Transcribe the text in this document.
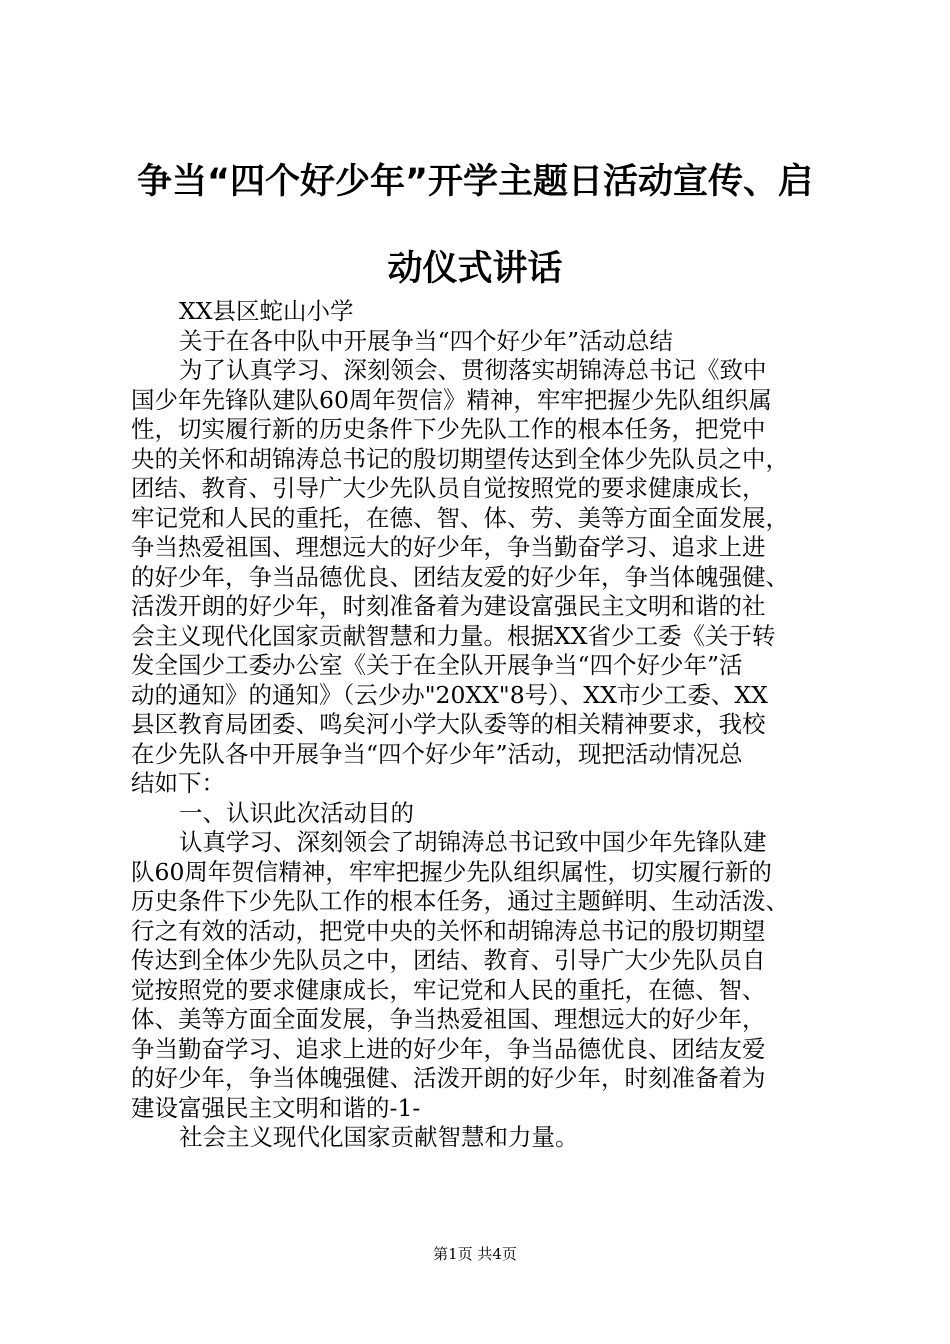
争当“四个好少年”开学主题日活动宣传、启
动仪式讲话

XX县区蛇山小学

关于在各中队中开展争当“四个好少年”活动总结

为了认真学习、深刻领会、贯彻落实胡锦涛总书记《致中

国少年先锋队建队60周年贺信》精神，牢牢把握少先队组织属

性，切实履行新的历史条件下少先队工作的根本任务，把党中

央的关怀和胡锦涛总书记的殷切期望传达到全体少先队员之中，

团结、教育、引导广大少先队员自觉按照党的要求健康成长，

牢记党和人民的重托，在德、智、体、劳、美等方面全面发展，

争当热爱祖国、理想远大的好少年，争当勤奋学习、追求上进

的好少年，争当品德优良、团结友爱的好少年，争当体魄强健、

活泼开朗的好少年，时刻准备着为建设富强民主文明和谐的社

会主义现代化国家贡献智慧和力量。根据XX省少工委《关于转

发全国少工委办公室《关于在全队开展争当“四个好少年”活

动的通知》的通知》（云少办"20XX"8号）、XX市少工委、XX

县区教育局团委、鸣矣河小学大队委等的相关精神要求，我校

在少先队各中开展争当“四个好少年”活动，现把活动情况总

结如下：

一、认识此次活动目的

认真学习、深刻领会了胡锦涛总书记致中国少年先锋队建

队60周年贺信精神，牢牢把握少先队组织属性，切实履行新的

历史条件下少先队工作的根本任务，通过主题鲜明、生动活泼、

行之有效的活动，把党中央的关怀和胡锦涛总书记的殷切期望

传达到全体少先队员之中，团结、教育、引导广大少先队员自

觉按照党的要求健康成长，牢记党和人民的重托，在德、智、

体、美等方面全面发展，争当热爱祖国、理想远大的好少年，

争当勤奋学习、追求上进的好少年，争当品德优良、团结友爱

的好少年，争当体魄强健、活泼开朗的好少年，时刻准备着为

建设富强民主文明和谐的-1-

社会主义现代化国家贡献智慧和力量。

第1页 共4页
